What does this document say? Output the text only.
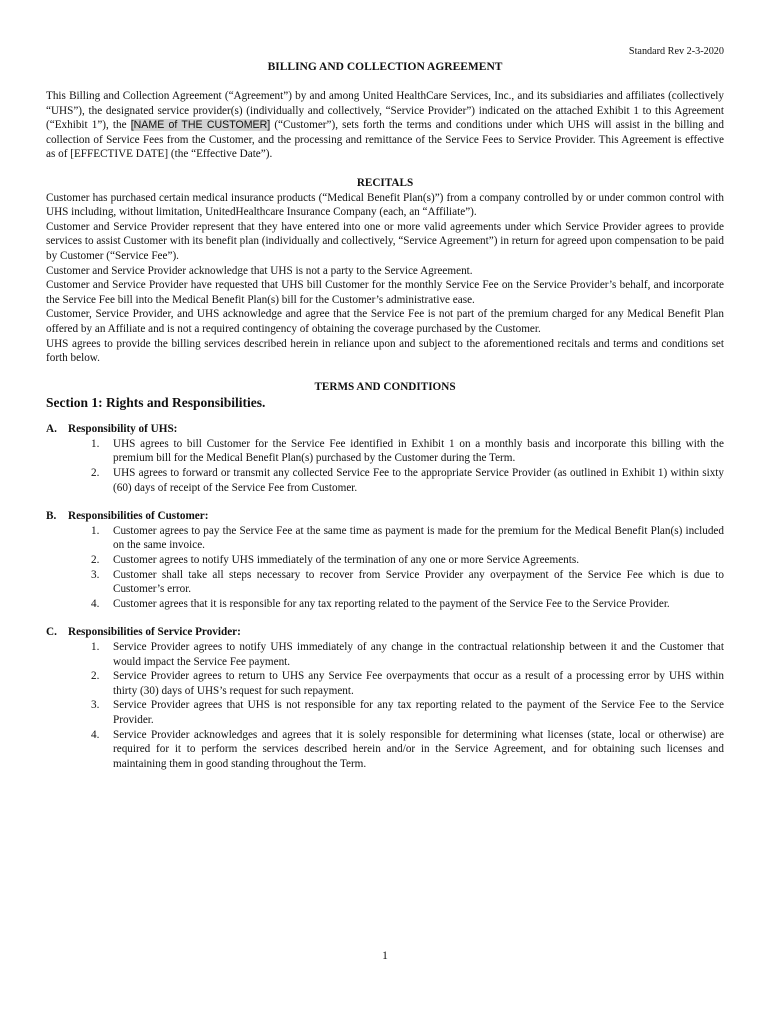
Standard Rev 2-3-2020
BILLING AND COLLECTION AGREEMENT

This Billing and Collection Agreement (“Agreement”) by and among United HealthCare Services, Inc., and its subsidiaries and affiliates (collectively “UHS”), the designated service provider(s) (individually and collectively, “Service Provider”) indicated on the attached Exhibit 1 to this Agreement (“Exhibit 1”), the [NAME of THE CUSTOMER] (“Customer”), sets forth the terms and conditions under which UHS will assist in the billing and collection of Service Fees from the Customer, and the processing and remittance of the Service Fees to Service Provider. This Agreement is effective as of [EFFECTIVE DATE] (the “Effective Date”).

RECITALS

Customer has purchased certain medical insurance products (“Medical Benefit Plan(s)”) from a company controlled by or under common control with UHS including, without limitation, UnitedHealthcare Insurance Company (each, an “Affiliate”).

Customer and Service Provider represent that they have entered into one or more valid agreements under which Service Provider agrees to provide services to assist Customer with its benefit plan (individually and collectively, “Service Agreement”) in return for agreed upon compensation to be paid by Customer (“Service Fee”).

Customer and Service Provider acknowledge that UHS is not a party to the Service Agreement.

Customer and Service Provider have requested that UHS bill Customer for the monthly Service Fee on the Service Provider’s behalf, and incorporate the Service Fee bill into the Medical Benefit Plan(s) bill for the Customer’s administrative ease.

Customer, Service Provider, and UHS acknowledge and agree that the Service Fee is not part of the premium charged for any Medical Benefit Plan offered by an Affiliate and is not a required contingency of obtaining the coverage purchased by the Customer.

UHS agrees to provide the billing services described herein in reliance upon and subject to the aforementioned recitals and terms and conditions set forth below.

TERMS AND CONDITIONS

Section 1: Rights and Responsibilities.

A. Responsibility of UHS:

1. UHS agrees to bill Customer for the Service Fee identified in Exhibit 1 on a monthly basis and incorporate this billing with the premium bill for the Medical Benefit Plan(s) purchased by the Customer during the Term.
2. UHS agrees to forward or transmit any collected Service Fee to the appropriate Service Provider (as outlined in Exhibit 1) within sixty (60) days of receipt of the Service Fee from Customer.

B. Responsibilities of Customer:

1. Customer agrees to pay the Service Fee at the same time as payment is made for the premium for the Medical Benefit Plan(s) included on the same invoice.
2. Customer agrees to notify UHS immediately of the termination of any one or more Service Agreements.
3. Customer shall take all steps necessary to recover from Service Provider any overpayment of the Service Fee which is due to Customer’s error.
4. Customer agrees that it is responsible for any tax reporting related to the payment of the Service Fee to the Service Provider.

C. Responsibilities of Service Provider:

1. Service Provider agrees to notify UHS immediately of any change in the contractual relationship between it and the Customer that would impact the Service Fee payment.
2. Service Provider agrees to return to UHS any Service Fee overpayments that occur as a result of a processing error by UHS within thirty (30) days of UHS’s request for such repayment.
3. Service Provider agrees that UHS is not responsible for any tax reporting related to the payment of the Service Fee to the Service Provider.
4. Service Provider acknowledges and agrees that it is solely responsible for determining what licenses (state, local or otherwise) are required for it to perform the services described herein and/or in the Service Agreement, and for obtaining such licenses and maintaining them in good standing throughout the Term.
1
